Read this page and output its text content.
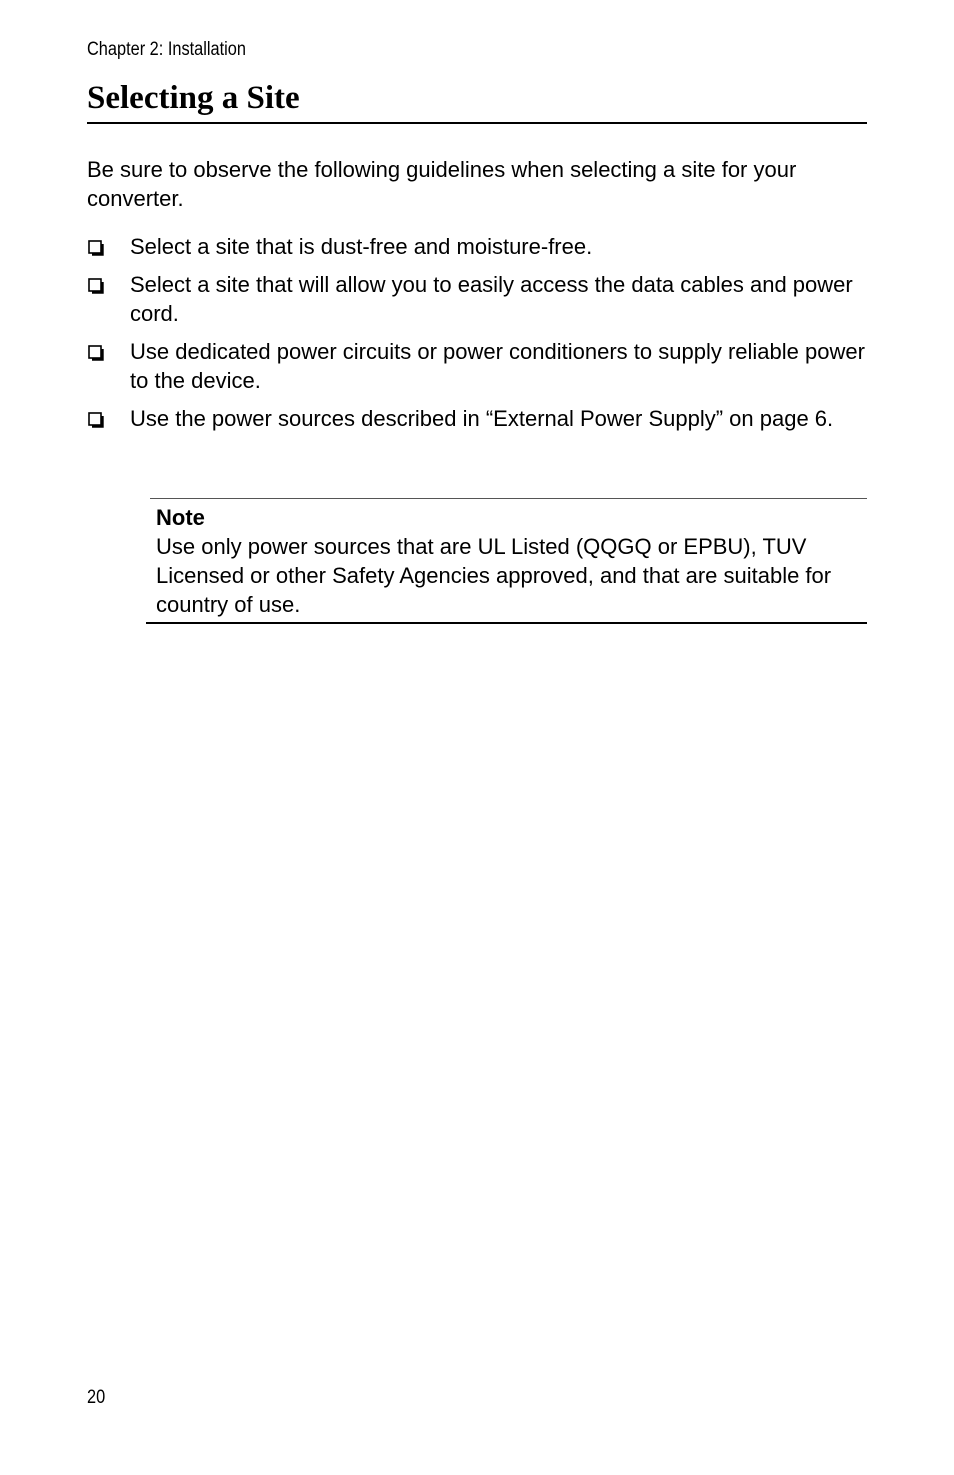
Chapter 2: Installation
Selecting a Site

Be sure to observe the following guidelines when selecting a site for your converter.

Select a site that is dust-free and moisture-free.
Select a site that will allow you to easily access the data cables and power cord.
Use dedicated power circuits or power conditioners to supply reliable power to the device.
Use the power sources described in “External Power Supply” on page 6.

Note

Use only power sources that are UL Listed (QQGQ or EPBU), TUV Licensed or other Safety Agencies approved, and that are suitable for country of use.

20
